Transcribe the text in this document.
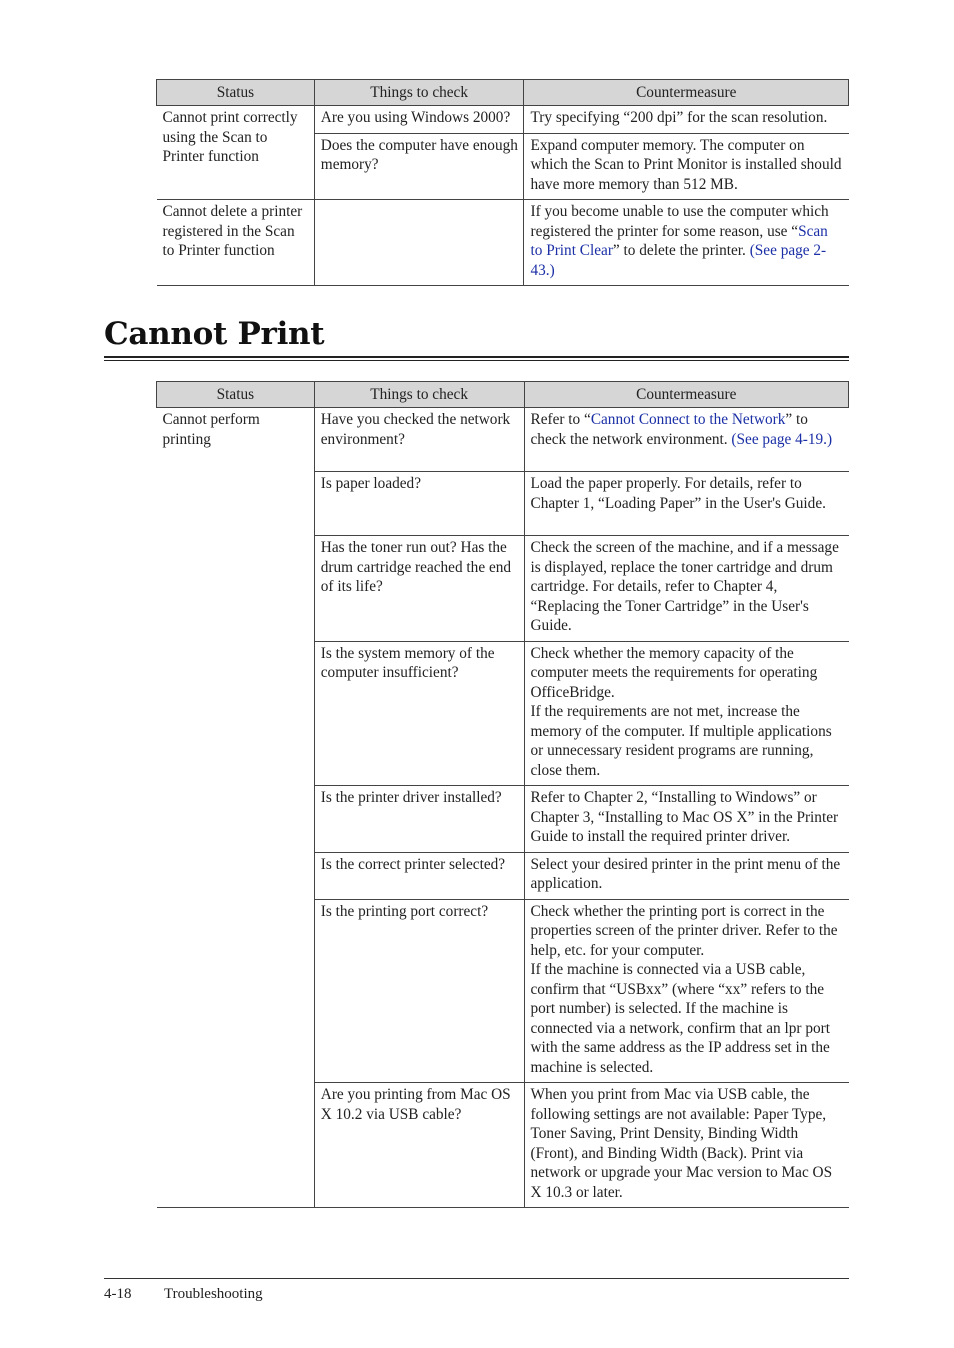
Status	Things to check	Countermeasure
Cannot print correctly using the Scan to Printer function	Are you using Windows 2000?	Try specifying “200 dpi” for the scan resolution.
	Does the computer have enough memory?	Expand computer memory. The computer on which the Scan to Print Monitor is installed should have more memory than 512 MB.
Cannot delete a printer registered in the Scan to Printer function		If you become unable to use the computer which registered the printer for some reason, use “Scan to Print Clear” to delete the printer. (See page 2-43.)
Cannot Print
Status	Things to check	Countermeasure
Cannot perform printing	Have you checked the network environment?	Refer to “Cannot Connect to the Network” to check the network environment. (See page 4-19.)
	Is paper loaded?	Load the paper properly. For details, refer to Chapter 1, “Loading Paper” in the User's Guide.
	Has the toner run out? Has the drum cartridge reached the end of its life?	Check the screen of the machine, and if a message is displayed, replace the toner cartridge and drum cartridge. For details, refer to Chapter 4, “Replacing the Toner Cartridge” in the User's Guide.
	Is the system memory of the computer insufficient?	Check whether the memory capacity of the computer meets the requirements for operating OfficeBridge.
If the requirements are not met, increase the memory of the computer. If multiple applications or unnecessary resident programs are running, close them.

	Is the printer driver installed?	Refer to Chapter 2, “Installing to Windows” or Chapter 3, “Installing to Mac OS X” in the Printer Guide to install the required printer driver.
	Is the correct printer selected?	Select your desired printer in the print menu of the application.
	Is the printing port correct?	Check whether the printing port is correct in the properties screen of the printer driver. Refer to the help, etc. for your computer.
If the machine is connected via a USB cable, confirm that “USBxx” (where “xx” refers to the port number) is selected. If the machine is connected via a network, confirm that an lpr port with the same address as the IP address set in the machine is selected.

	Are you printing from Mac OS X 10.2 via USB cable?	When you print from Mac via USB cable, the following settings are not available: Paper Type, Toner Saving, Print Density, Binding Width (Front), and Binding Width (Back). Print via network or upgrade your Mac version to Mac OS X 10.3 or later.
4-18 Troubleshooting
